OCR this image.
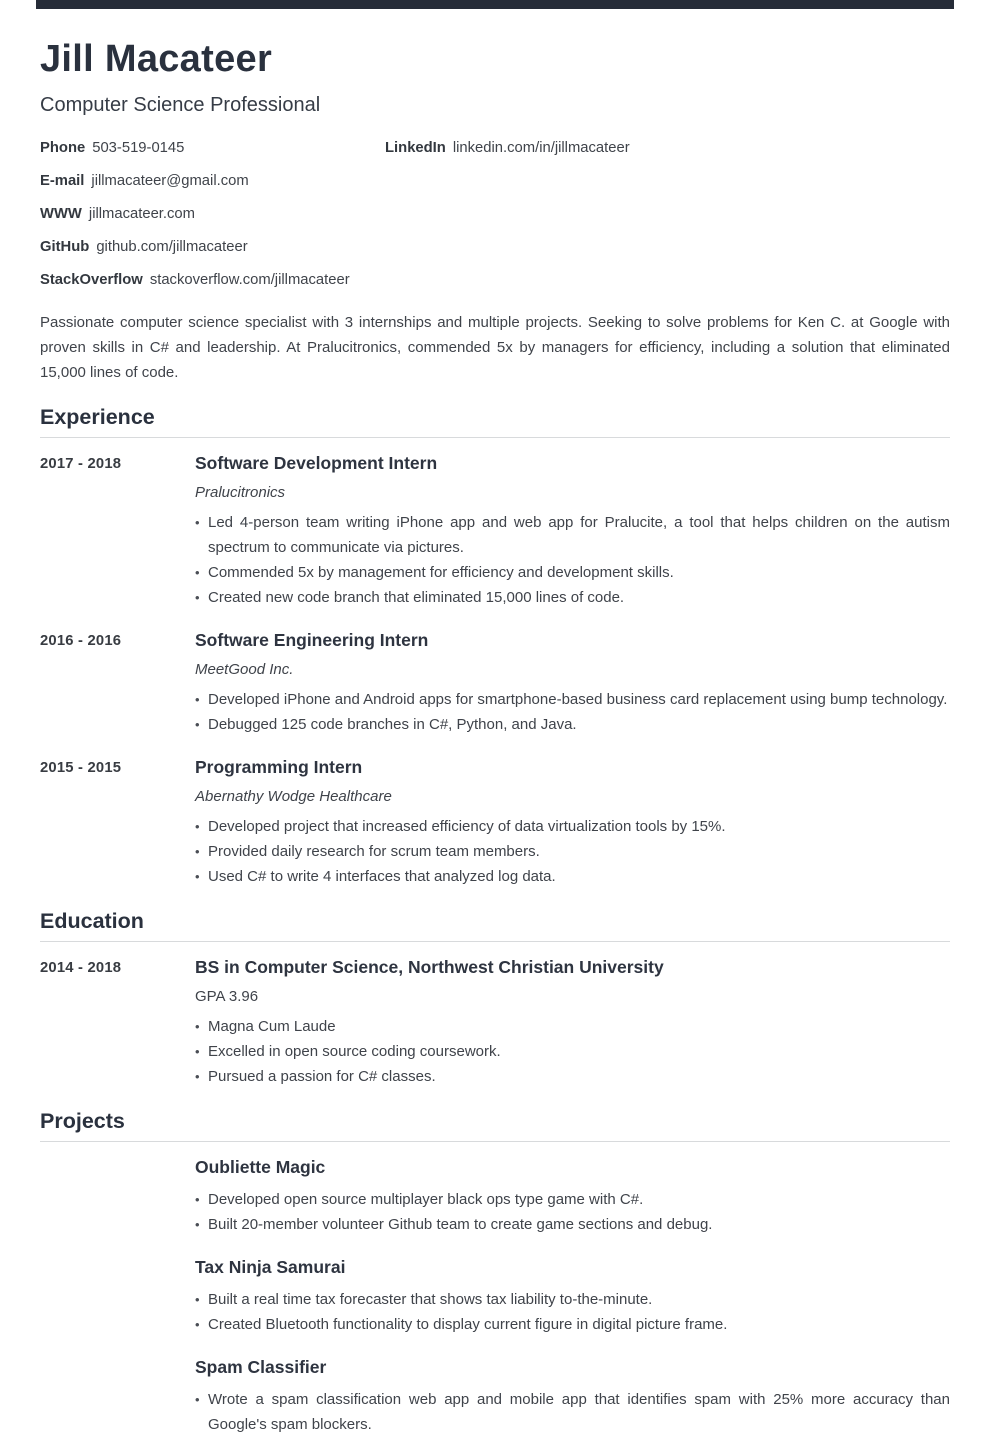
Jill Macateer
Computer Science Professional
Phone 503-519-0145
E-mail jillmacateer@gmail.com
WWW jillmacateer.com
GitHub github.com/jillmacateer
StackOverflow stackoverflow.com/jillmacateer
LinkedIn linkedin.com/in/jillmacateer
Passionate computer science specialist with 3 internships and multiple projects. Seeking to solve problems for Ken C. at Google with proven skills in C# and leadership. At Pralucitronics, commended 5x by managers for efficiency, including a solution that eliminated 15,000 lines of code.
Experience
2017 - 2018	Software Development Intern
Pralucitronics
•
Led 4-person team writing iPhone app and web app for Pralucite, a tool that helps children on the autism spectrum to communicate via pictures.
•
Commended 5x by management for efficiency and development skills.
•
Created new code branch that eliminated 15,000 lines of code.
2016 - 2016	Software Engineering Intern
MeetGood Inc.
•
Developed iPhone and Android apps for smartphone-based business card replacement using bump technology.
•
Debugged 125 code branches in C#, Python, and Java.
2015 - 2015	Programming Intern
Abernathy Wodge Healthcare
•
Developed project that increased efficiency of data virtualization tools by 15%.
•
Provided daily research for scrum team members.
•
Used C# to write 4 interfaces that analyzed log data.
Education
2014 - 2018	BS in Computer Science, Northwest Christian University
GPA 3.96
•
Magna Cum Laude
•
Excelled in open source coding coursework.
•
Pursued a passion for C# classes.
Projects
Oubliette Magic
•
Developed open source multiplayer black ops type game with C#.
•
Built 20-member volunteer Github team to create game sections and debug.
Tax Ninja Samurai
•
Built a real time tax forecaster that shows tax liability to-the-minute.
•
Created Bluetooth functionality to display current figure in digital picture frame.
Spam Classifier
•
Wrote a spam classification web app and mobile app that identifies spam with 25% more accuracy than Google's spam blockers.
